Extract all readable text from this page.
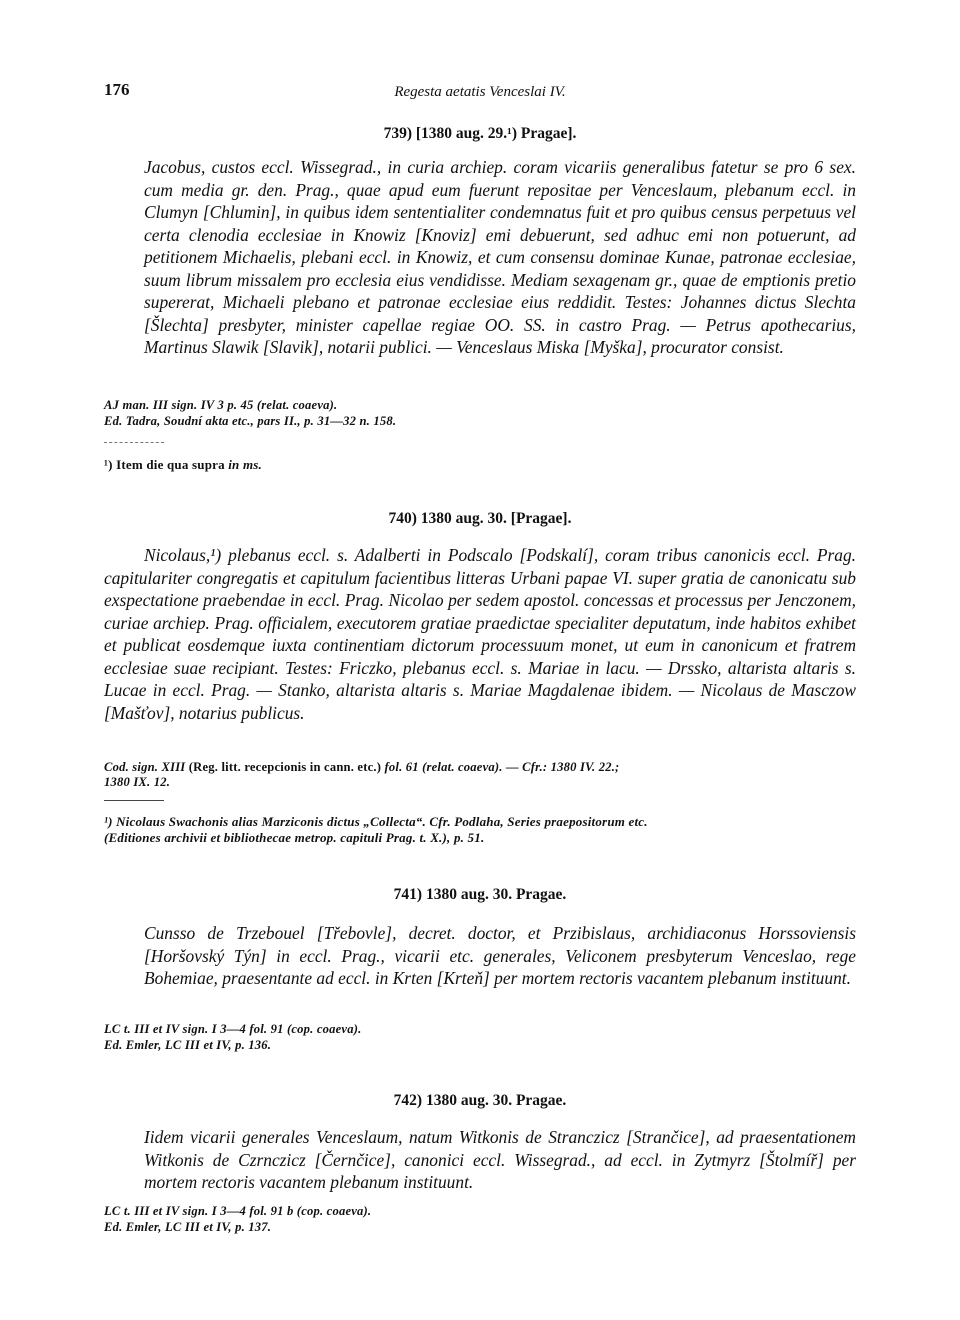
176	Regesta aetatis Venceslai IV.
739) [1380 aug. 29.¹) Pragae].
Jacobus, custos eccl. Wissegrad., in curia archiep. coram vicariis generalibus fatetur se pro 6 sex. cum media gr. den. Prag., quae apud eum fuerunt repositae per Venceslaum, plebanum eccl. in Clumyn [Chlumin], in quibus idem sententialiter condemnatus fuit et pro quibus census perpetuus vel certa clenodia ecclesiae in Knowiz [Knoviz] emi debuerunt, sed adhuc emi non potuerunt, ad petitionem Michaelis, plebani eccl. in Knowiz, et cum consensu dominae Kunae, patronae ecclesiae, suum librum missalem pro ecclesia eius vendidisse. Mediam sexagenam gr., quae de emptionis pretio supererat, Michaeli plebano et patronae ecclesiae eius reddidit. Testes: Johannes dictus Slechta [Šlechta] presbyter, minister capellae regiae OO. SS. in castro Prag. — Petrus apothecarius, Martinus Slawik [Slavik], notarii publici. — Venceslaus Miska [Myška], procurator consist.
AJ man. III sign. IV 3 p. 45 (relat. coaeva).
Ed. Tadra, Soudní akta etc., pars II., p. 31—32 n. 158.
¹) Item die qua supra in ms.
740) 1380 aug. 30. [Pragae].
Nicolaus,¹) plebanus eccl. s. Adalberti in Podscalo [Podskalí], coram tribus canonicis eccl. Prag. capitulariter congregatis et capitulum facientibus litteras Urbani papae VI. super gratia de canonicatu sub exspectatione praebendae in eccl. Prag. Nicolao per sedem apostol. concessas et processus per Jenczonem, curiae archiep. Prag. officialem, executorem gratiae praedictae specialiter deputatum, inde habitos exhibet et publicat eosdemque iuxta continentiam dictorum processuum monet, ut eum in canonicum et fratrem ecclesiae suae recipiant. Testes: Friczko, plebanus eccl. s. Mariae in lacu. — Drssko, altarista altaris s. Lucae in eccl. Prag. — Stanko, altarista altaris s. Mariae Magdalenae ibidem. — Nicolaus de Masczow [Mašťov], notarius publicus.
Cod. sign. XIII (Reg. litt. recepcionis in cann. etc.) fol. 61 (relat. coaeva). — Cfr.: 1380 IV. 22.;
1380 IX. 12.
¹) Nicolaus Swachonis alias Marziconis dictus „Collecta“. Cfr. Podlaha, Series praepositorum etc.
(Editiones archivii et bibliothecae metrop. capituli Prag. t. X.), p. 51.
741) 1380 aug. 30. Pragae.
Cunsso de Trzebouel [Třebovle], decret. doctor, et Przibislaus, archidiaconus Horssoviensis [Horšovský Týn] in eccl. Prag., vicarii etc. generales, Veliconem presbyterum Venceslao, rege Bohemiae, praesentante ad eccl. in Krten [Krteň] per mortem rectoris vacantem plebanum instituunt.
LC t. III et IV sign. I 3—4 fol. 91 (cop. coaeva).
Ed. Emler, LC III et IV, p. 136.
742) 1380 aug. 30. Pragae.
Iidem vicarii generales Venceslaum, natum Witkonis de Stranczicz [Strančice], ad praesentationem Witkonis de Czrnczicz [Černčice], canonici eccl. Wissegrad., ad eccl. in Zytmyrz [Štolmíř] per mortem rectoris vacantem plebanum instituunt.
LC t. III et IV sign. I 3—4 fol. 91 b (cop. coaeva).
Ed. Emler, LC III et IV, p. 137.
